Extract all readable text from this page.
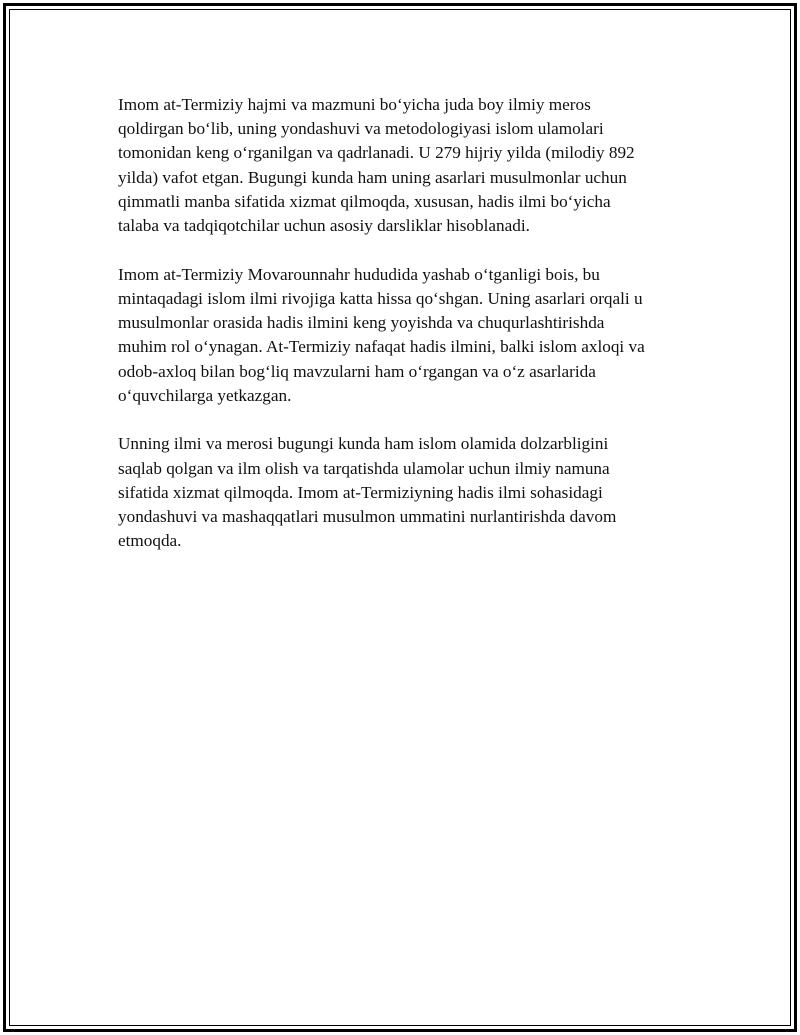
Imom at-Termiziy hajmi va mazmuni bo‘yicha juda boy ilmiy meros
qoldirgan bo‘lib, uning yondashuvi va metodologiyasi islom ulamolari
tomonidan keng o‘rganilgan va qadrlanadi. U 279 hijriy yilda (milodiy 892
yilda) vafot etgan. Bugungi kunda ham uning asarlari musulmonlar uchun
qimmatli manba sifatida xizmat qilmoqda, xususan, hadis ilmi bo‘yicha
talaba va tadqiqotchilar uchun asosiy darsliklar hisoblanadi.

Imom at-Termiziy Movarounnahr hududida yashab o‘tganligi bois, bu
mintaqadagi islom ilmi rivojiga katta hissa qo‘shgan. Uning asarlari orqali u
musulmonlar orasida hadis ilmini keng yoyishda va chuqurlashtirishda
muhim rol o‘ynagan. At-Termiziy nafaqat hadis ilmini, balki islom axloqi va
odob-axloq bilan bog‘liq mavzularni ham o‘rgangan va o‘z asarlarida
o‘quvchilarga yetkazgan.

Unning ilmi va merosi bugungi kunda ham islom olamida dolzarbligini
saqlab qolgan va ilm olish va tarqatishda ulamolar uchun ilmiy namuna
sifatida xizmat qilmoqda. Imom at-Termiziyning hadis ilmi sohasidagi
yondashuvi va mashaqqatlari musulmon ummatini nurlantirishda davom
etmoqda.
